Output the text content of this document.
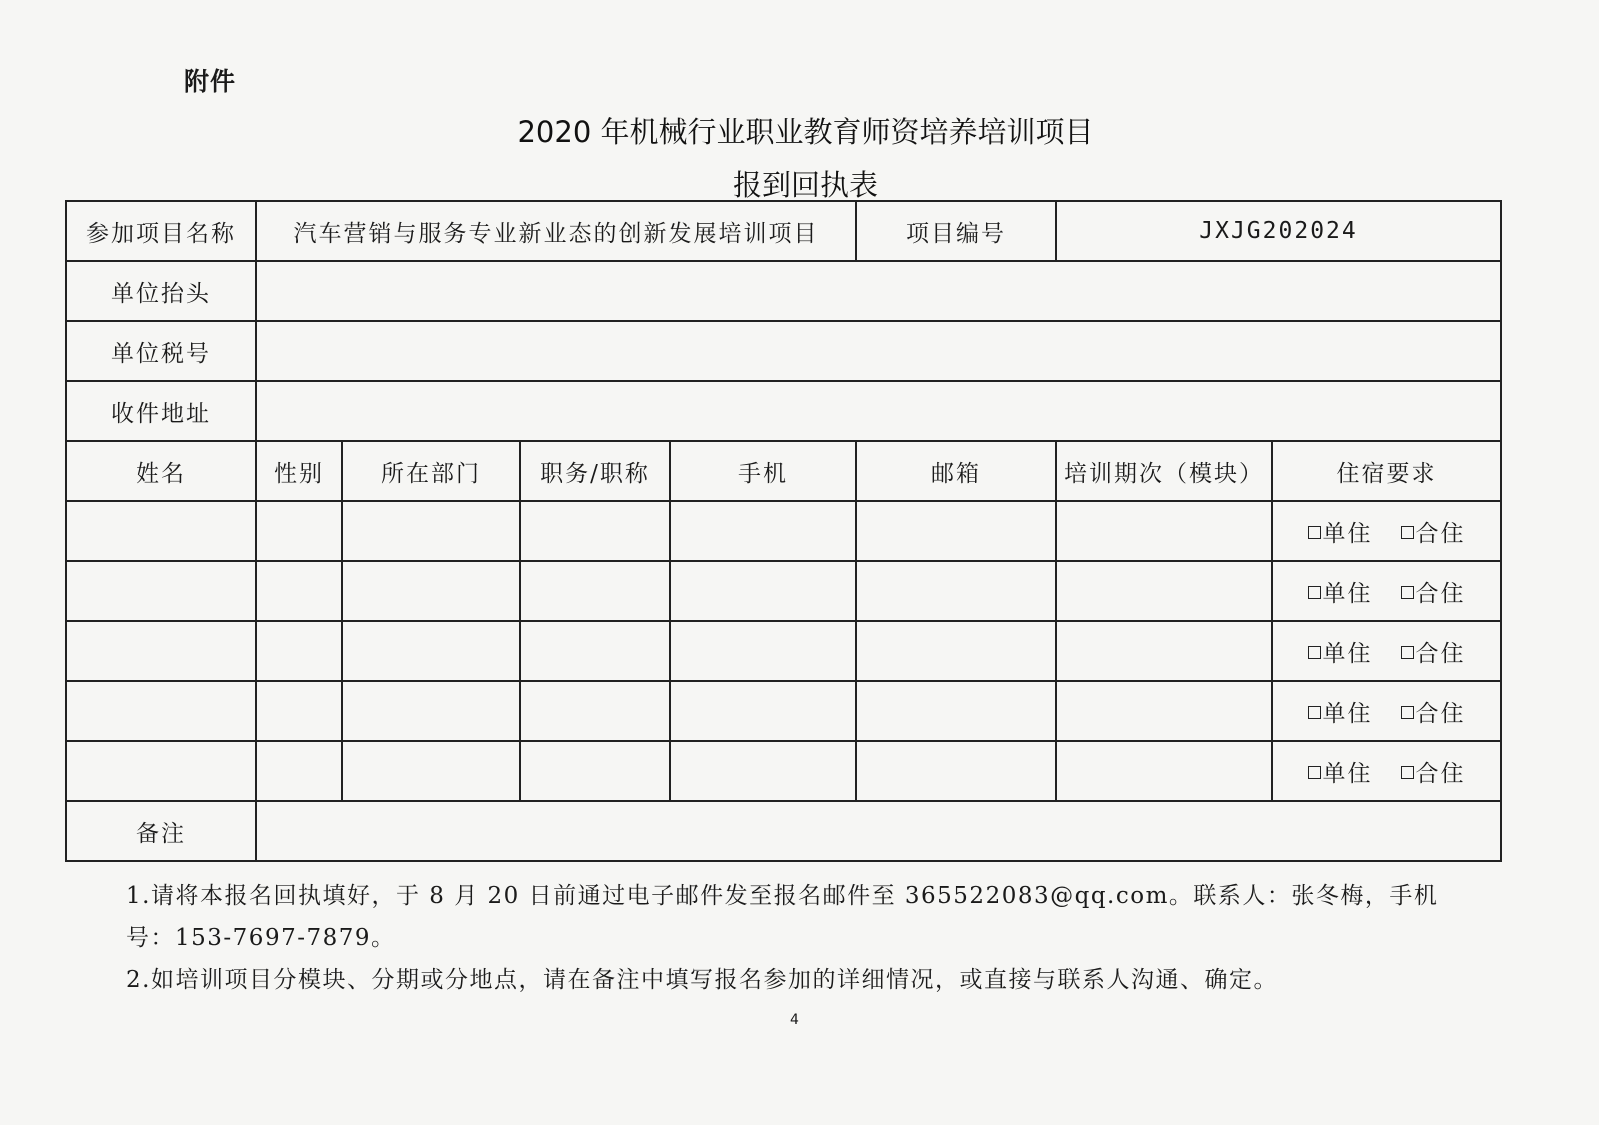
附件
2020 年机械行业职业教育师资培养培训项目
报到回执表
参加项目名称	汽车营销与服务专业新业态的创新发展培训项目				项目编号	JXJG202024	
单位抬头							
单位税号							
收件地址							
姓名	性别	所在部门	职务/职称	手机	邮箱	培训期次（模块）	住宿要求
							单住 合住
							单住 合住
							单住 合住
							单住 合住
							单住 合住
备注							

1.请将本报名回执填好，于 8 月 20 日前通过电子邮件发至报名邮件至 365522083@qq.com。联系人：张冬梅，手机号：153-7697-7879。

2.如培训项目分模块、分期或分地点，请在备注中填写报名参加的详细情况，或直接与联系人沟通、确定。

4
